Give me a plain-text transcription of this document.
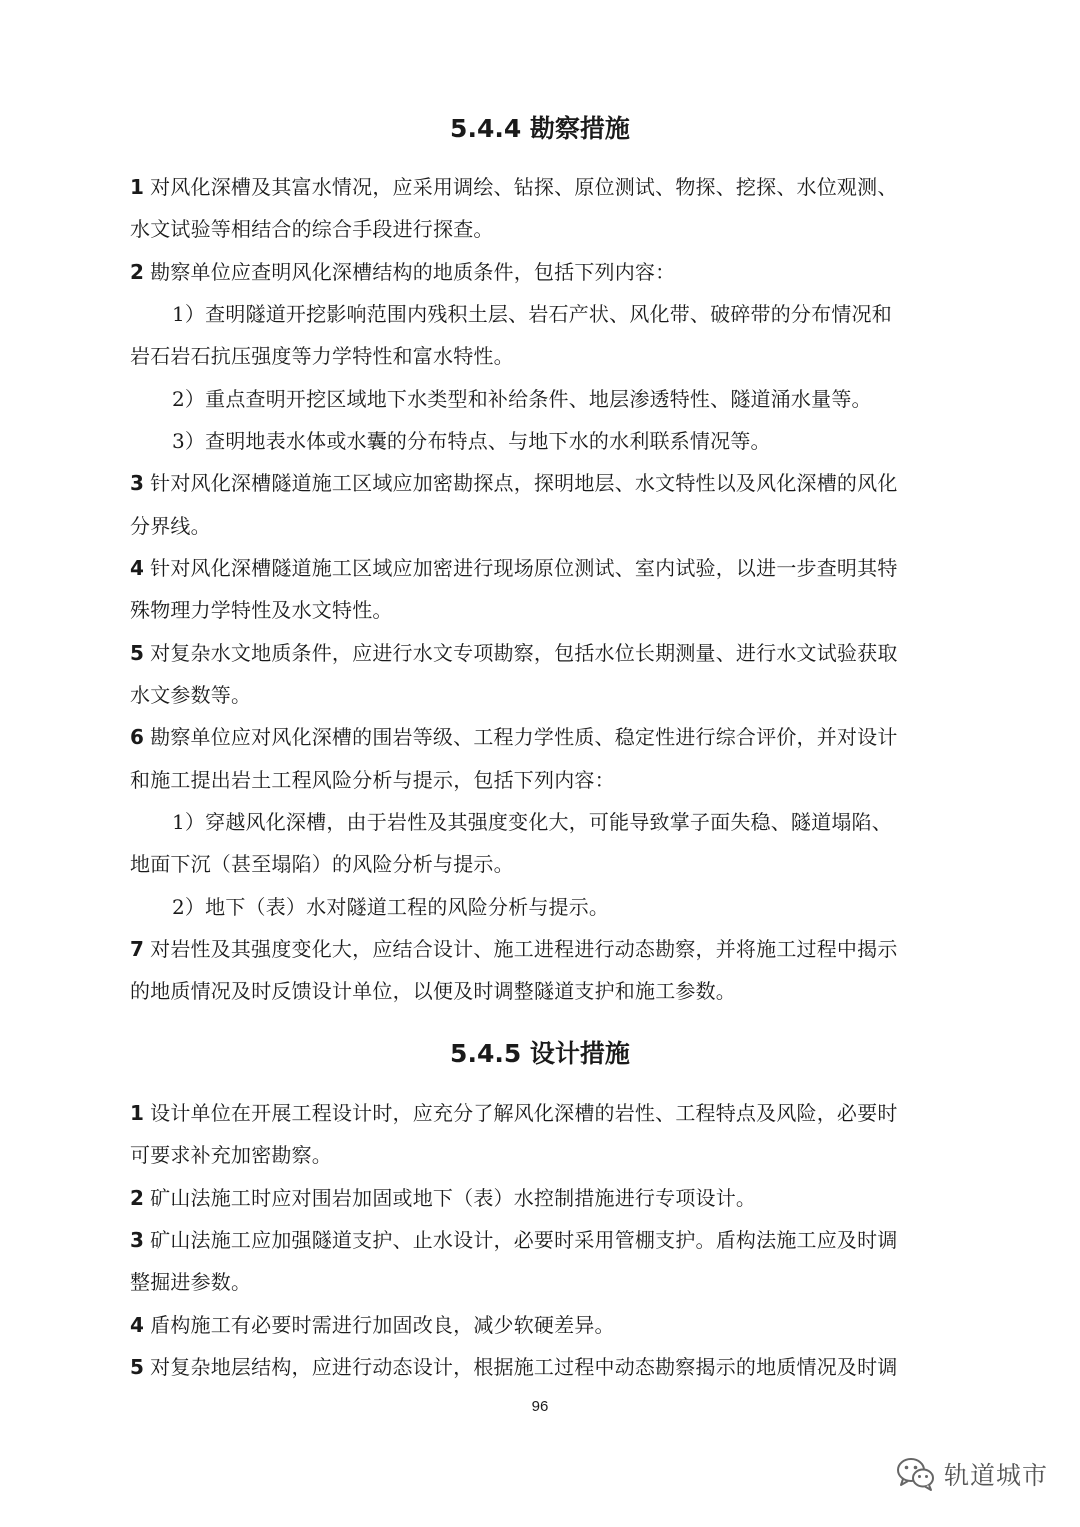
5.4.4 勘察措施
1 对风化深槽及其富水情况，应采用调绘、钻探、原位测试、物探、挖探、水位观测、
水文试验等相结合的综合手段进行探查。
2 勘察单位应查明风化深槽结构的地质条件，包括下列内容：
1）查明隧道开挖影响范围内残积土层、岩石产状、风化带、破碎带的分布情况和
岩石岩石抗压强度等力学特性和富水特性。
2）重点查明开挖区域地下水类型和补给条件、地层渗透特性、隧道涌水量等。
3）查明地表水体或水囊的分布特点、与地下水的水利联系情况等。
3 针对风化深槽隧道施工区域应加密勘探点，探明地层、水文特性以及风化深槽的风化
分界线。
4 针对风化深槽隧道施工区域应加密进行现场原位测试、室内试验，以进一步查明其特
殊物理力学特性及水文特性。
5 对复杂水文地质条件，应进行水文专项勘察，包括水位长期测量、进行水文试验获取
水文参数等。
6 勘察单位应对风化深槽的围岩等级、工程力学性质、稳定性进行综合评价，并对设计
和施工提出岩土工程风险分析与提示，包括下列内容：
1）穿越风化深槽，由于岩性及其强度变化大，可能导致掌子面失稳、隧道塌陷、
地面下沉（甚至塌陷）的风险分析与提示。
2）地下（表）水对隧道工程的风险分析与提示。
7 对岩性及其强度变化大，应结合设计、施工进程进行动态勘察，并将施工过程中揭示
的地质情况及时反馈设计单位，以便及时调整隧道支护和施工参数。
5.4.5 设计措施
1 设计单位在开展工程设计时，应充分了解风化深槽的岩性、工程特点及风险，必要时
可要求补充加密勘察。
2 矿山法施工时应对围岩加固或地下（表）水控制措施进行专项设计。
3 矿山法施工应加强隧道支护、止水设计，必要时采用管棚支护。盾构法施工应及时调
整掘进参数。
4 盾构施工有必要时需进行加固改良，减少软硬差异。
5 对复杂地层结构，应进行动态设计，根据施工过程中动态勘察揭示的地质情况及时调
96
轨道城市
